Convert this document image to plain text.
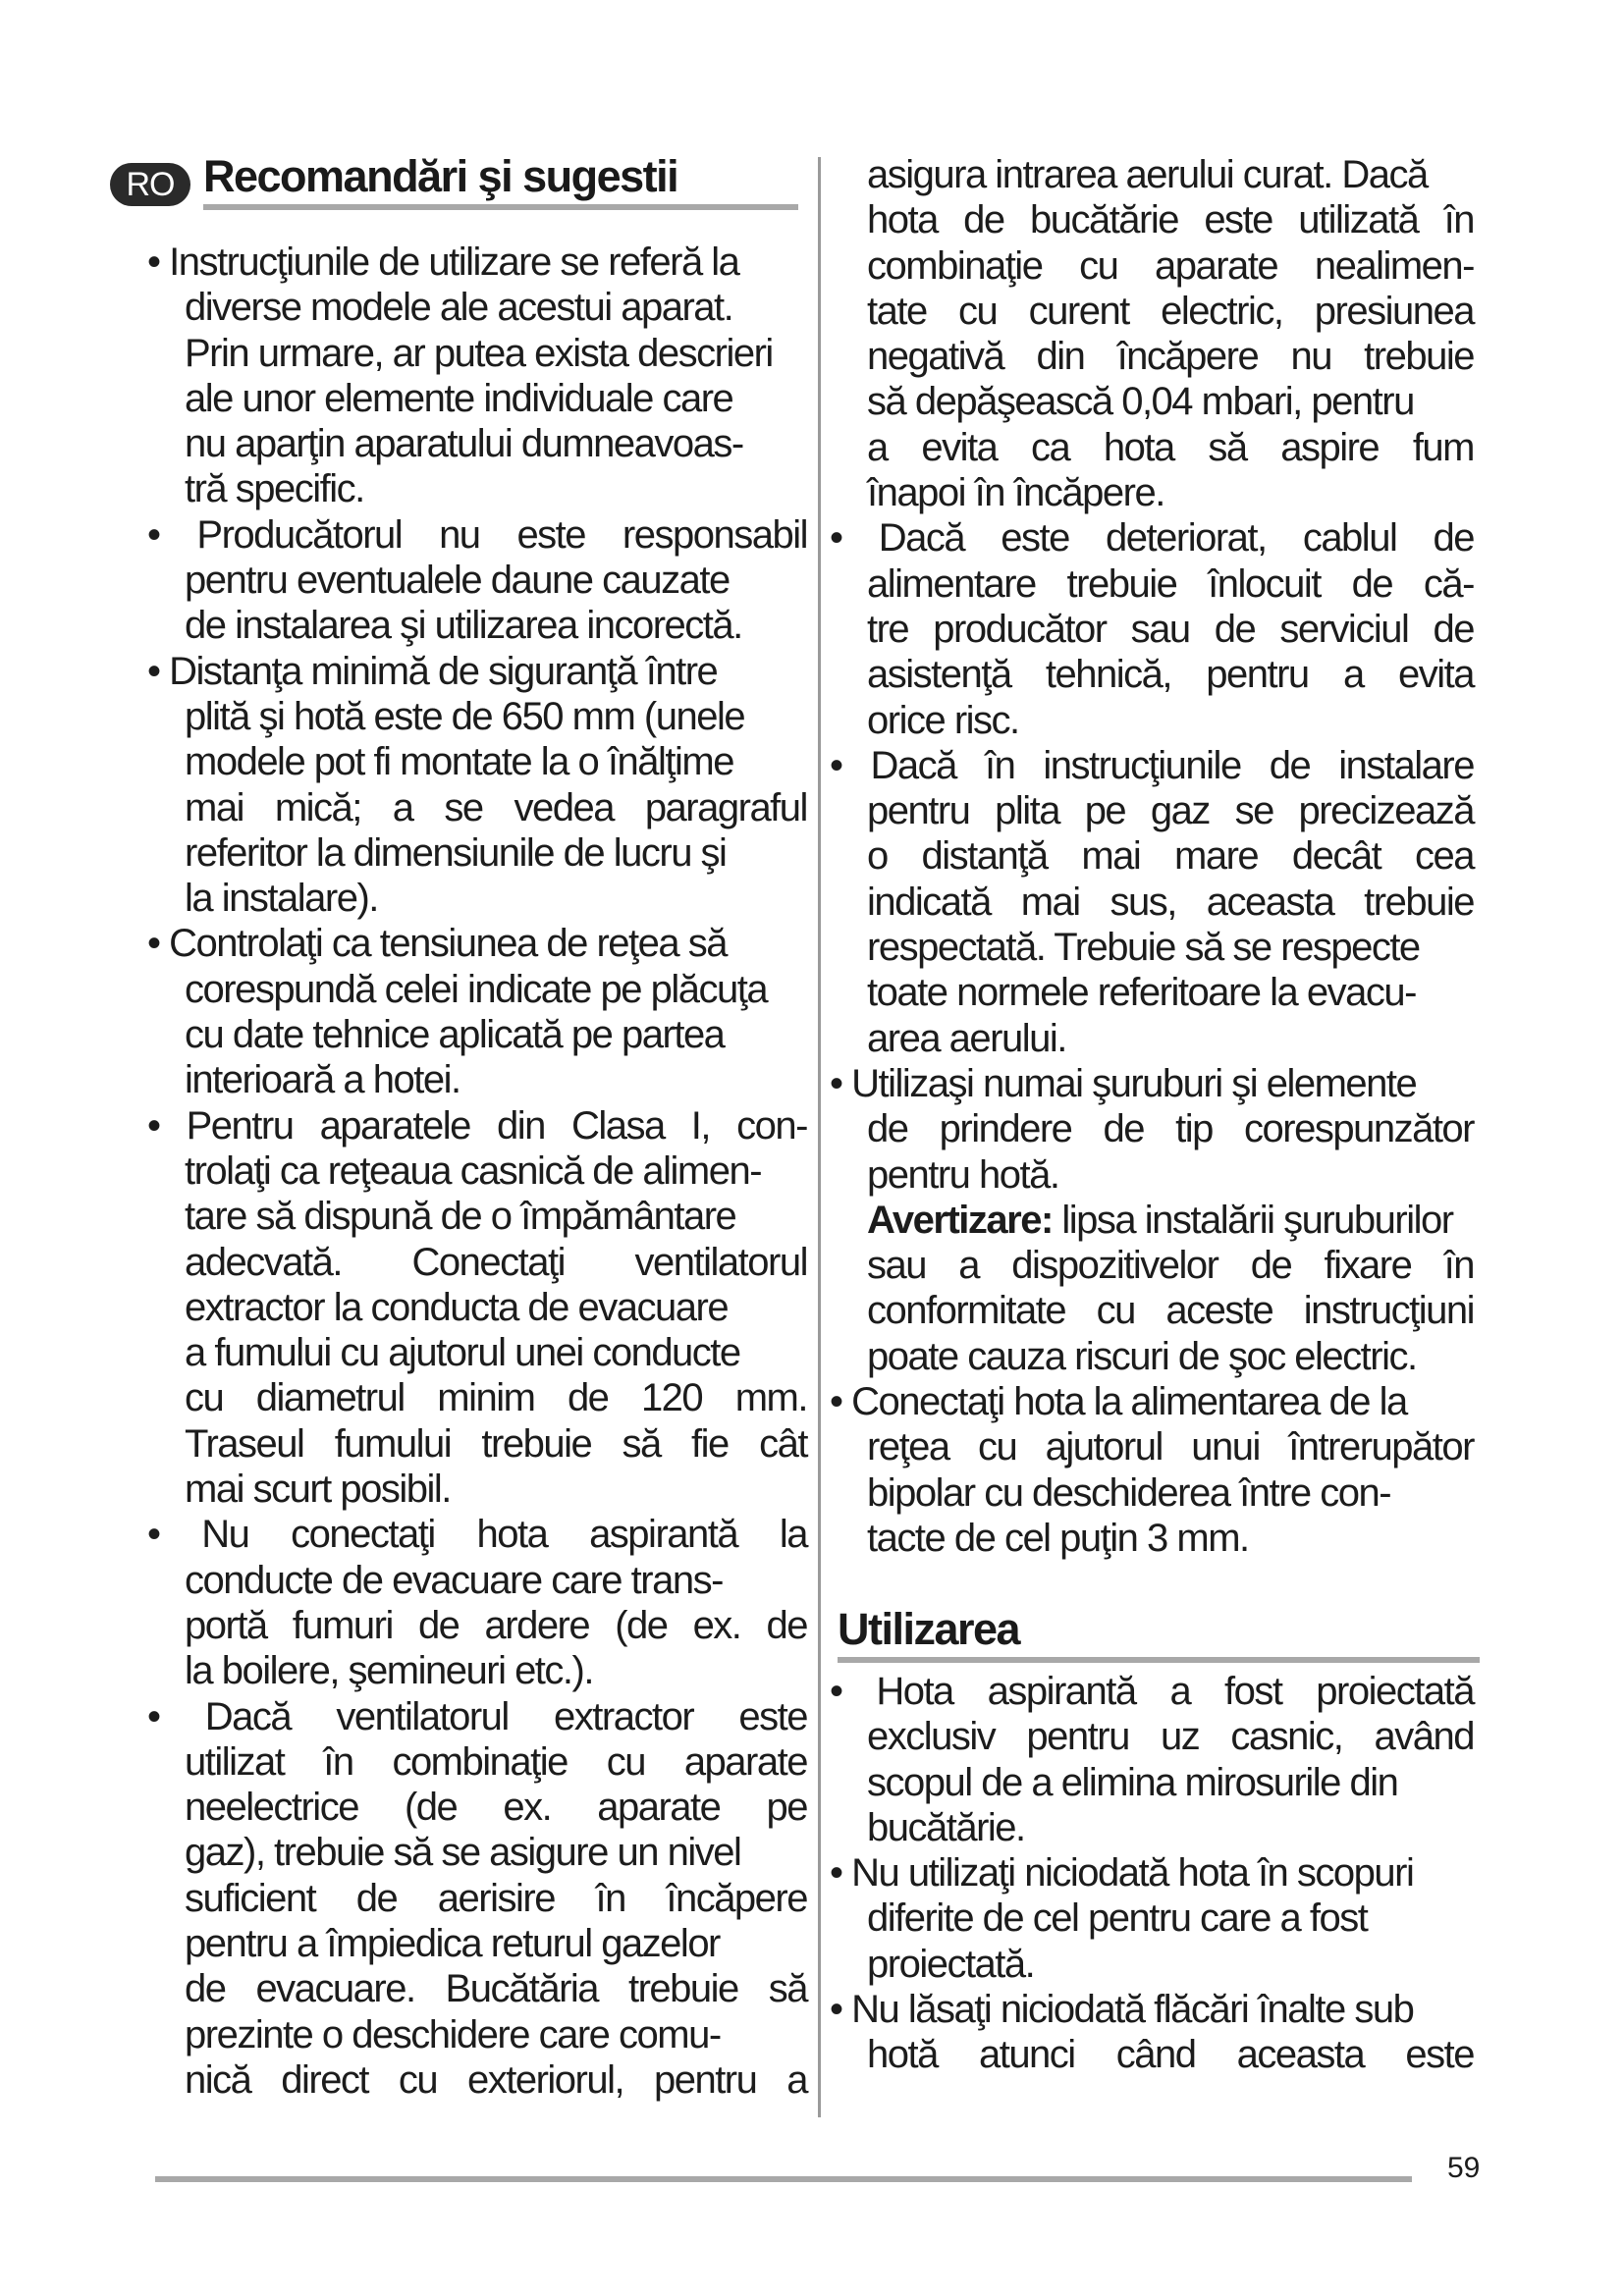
RO Recomandări şi sugestii
• Instrucţiunile de utilizare se referă la
diverse modele ale acestui aparat.
Prin urmare, ar putea exista descrieri
ale unor elemente individuale care
nu aparţin aparatului dumneavoas-
tră specific.
• Producătorul nu este responsabil
pentru eventualele daune cauzate
de instalarea şi utilizarea incorectă.
• Distanţa minimă de siguranţă între
plită şi hotă este de 650 mm (unele
modele pot fi montate la o înălţime
mai mică; a se vedea paragraful
referitor la dimensiunile de lucru şi
la instalare).
• Controlaţi ca tensiunea de reţea să
corespundă celei indicate pe plăcuţa
cu date tehnice aplicată pe partea
interioară a hotei.
• Pentru aparatele din Clasa I, con-
trolaţi ca reţeaua casnică de alimen-
tare să dispună de o împământare
adecvată. Conectaţi ventilatorul
extractor la conducta de evacuare
a fumului cu ajutorul unei conducte
cu diametrul minim de 120 mm.
Traseul fumului trebuie să fie cât
mai scurt posibil.
• Nu conectaţi hota aspirantă la
conducte de evacuare care trans-
portă fumuri de ardere (de ex. de
la boilere, şemineuri etc.).
• Dacă ventilatorul extractor este
utilizat în combinaţie cu aparate
neelectrice (de ex. aparate pe
gaz), trebuie să se asigure un nivel
suficient de aerisire în încăpere
pentru a împiedica returul gazelor
de evacuare. Bucătăria trebuie să
prezinte o deschidere care comu-
nică direct cu exteriorul, pentru a
asigura intrarea aerului curat. Dacă
hota de bucătărie este utilizată în
combinaţie cu aparate nealimen-
tate cu curent electric, presiunea
negativă din încăpere nu trebuie
să depăşească 0,04 mbari, pentru
a evita ca hota să aspire fum
înapoi în încăpere.
• Dacă este deteriorat, cablul de
alimentare trebuie înlocuit de că-
tre producător sau de serviciul de
asistenţă tehnică, pentru a evita
orice risc.
• Dacă în instrucţiunile de instalare
pentru plita pe gaz se precizează
o distanţă mai mare decât cea
indicată mai sus, aceasta trebuie
respectată. Trebuie să se respecte
toate normele referitoare la evacu-
area aerului.
• Utilizaşi numai şuruburi şi elemente
de prindere de tip corespunzător
pentru hotă.
Avertizare: lipsa instalării şuruburilor
sau a dispozitivelor de fixare în
conformitate cu aceste instrucţiuni
poate cauza riscuri de şoc electric.
• Conectaţi hota la alimentarea de la
reţea cu ajutorul unui întrerupător
bipolar cu deschiderea între con-
tacte de cel puţin 3 mm.
Utilizarea
• Hota aspirantă a fost proiectată
exclusiv pentru uz casnic, având
scopul de a elimina mirosurile din
bucătărie.
• Nu utilizaţi niciodată hota în scopuri
diferite de cel pentru care a fost
proiectată.
• Nu lăsaţi niciodată flăcări înalte sub
hotă atunci când aceasta este
59
